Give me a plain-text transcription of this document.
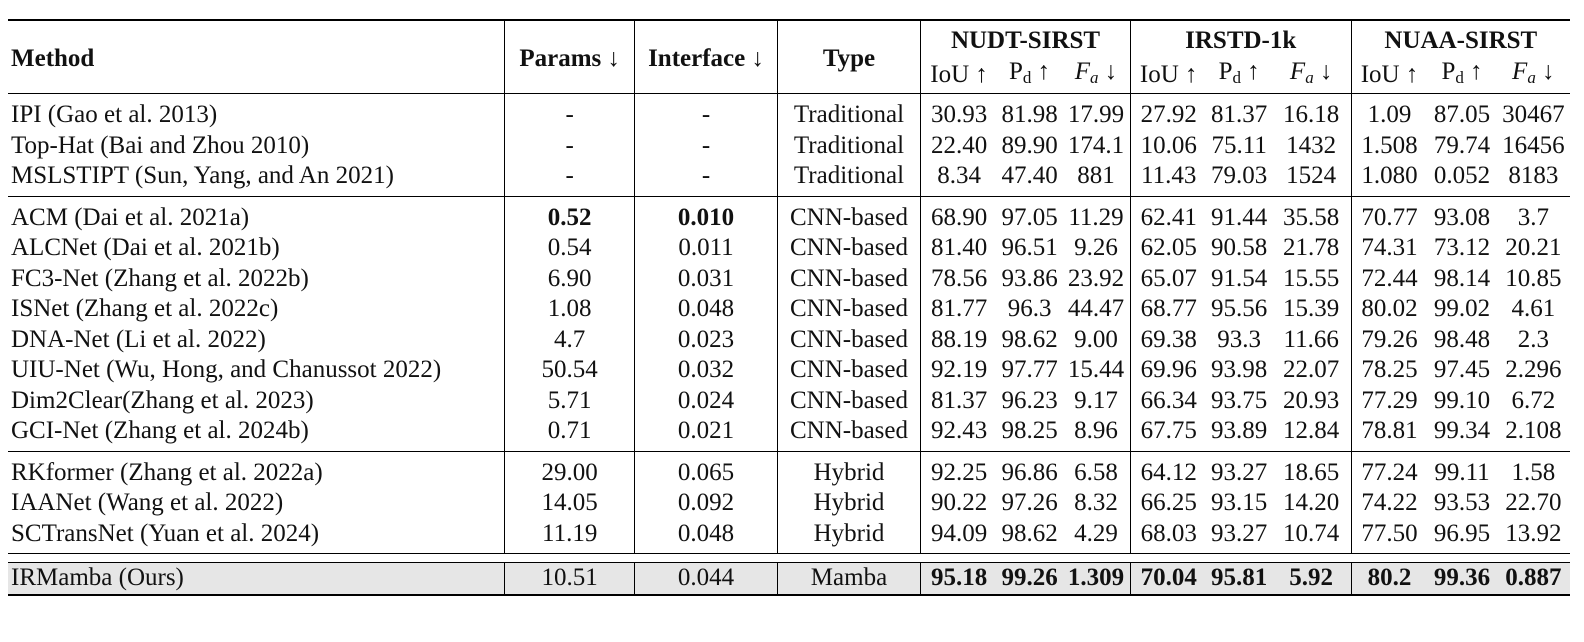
Method	Params ↓	Interface ↓	Type	NUDT-SIRST			IRSTD-1k			NUAA-SIRST		
				IoU ↑	$P_d$ ↑	$F_a$ ↓	IoU ↑	$P_d$ ↑	$F_a$ ↓	IoU ↑	$P_d$ ↑	$F_a$ ↓
IPI (Gao et al. 2013)	-	-	Traditional	30.93	81.98	17.99	27.92	81.37	16.18	1.09	87.05	30467
Top-Hat (Bai and Zhou 2010)	-	-	Traditional	22.40	89.90	174.1	10.06	75.11	1432	1.508	79.74	16456
MSLSTIPT (Sun, Yang, and An 2021)	-	-	Traditional	8.34	47.40	881	11.43	79.03	1524	1.080	0.052	8183
ACM (Dai et al. 2021a)	0.52	0.010	CNN-based	68.90	97.05	11.29	62.41	91.44	35.58	70.77	93.08	3.7
ALCNet (Dai et al. 2021b)	0.54	0.011	CNN-based	81.40	96.51	9.26	62.05	90.58	21.78	74.31	73.12	20.21
FC3-Net (Zhang et al. 2022b)	6.90	0.031	CNN-based	78.56	93.86	23.92	65.07	91.54	15.55	72.44	98.14	10.85
ISNet (Zhang et al. 2022c)	1.08	0.048	CNN-based	81.77	96.3	44.47	68.77	95.56	15.39	80.02	99.02	4.61
DNA-Net (Li et al. 2022)	4.7	0.023	CNN-based	88.19	98.62	9.00	69.38	93.3	11.66	79.26	98.48	2.3
UIU-Net (Wu, Hong, and Chanussot 2022)	50.54	0.032	CNN-based	92.19	97.77	15.44	69.96	93.98	22.07	78.25	97.45	2.296
Dim2Clear(Zhang et al. 2023)	5.71	0.024	CNN-based	81.37	96.23	9.17	66.34	93.75	20.93	77.29	99.10	6.72
GCI-Net (Zhang et al. 2024b)	0.71	0.021	CNN-based	92.43	98.25	8.96	67.75	93.89	12.84	78.81	99.34	2.108
RKformer (Zhang et al. 2022a)	29.00	0.065	Hybrid	92.25	96.86	6.58	64.12	93.27	18.65	77.24	99.11	1.58
IAANet (Wang et al. 2022)	14.05	0.092	Hybrid	90.22	97.26	8.32	66.25	93.15	14.20	74.22	93.53	22.70
SCTransNet (Yuan et al. 2024)	11.19	0.048	Hybrid	94.09	98.62	4.29	68.03	93.27	10.74	77.50	96.95	13.92

IRMamba (Ours)	10.51	0.044	Mamba	95.18	99.26	1.309	70.04	95.81	5.92	80.2	99.36	0.887
